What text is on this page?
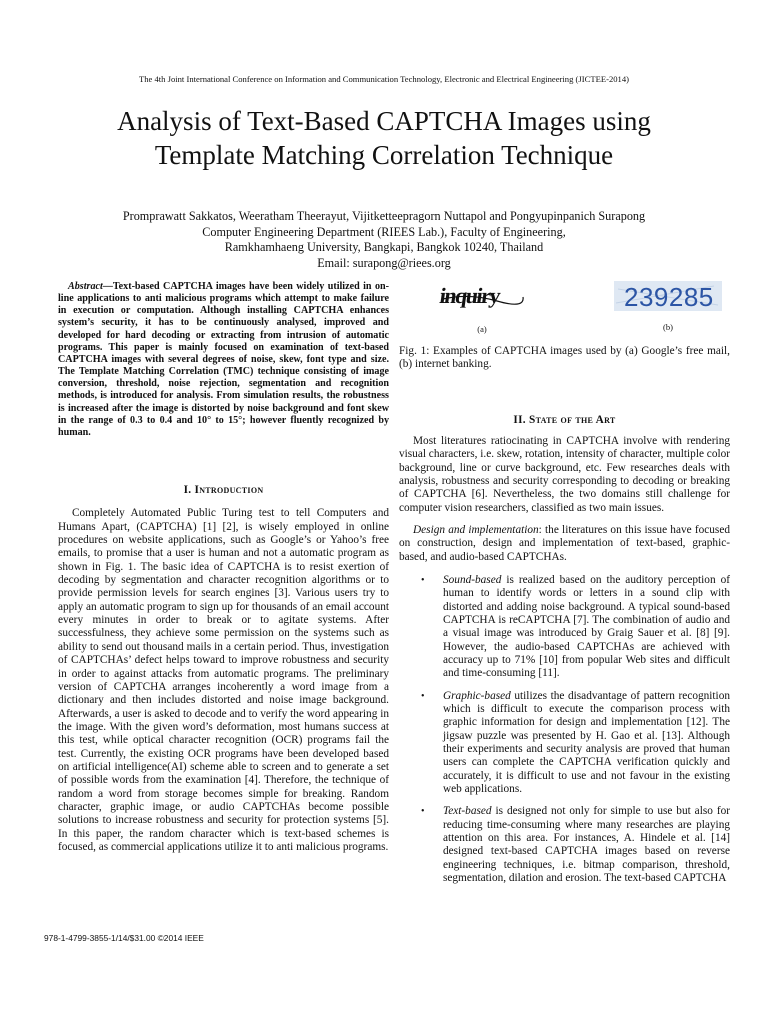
The 4th Joint International Conference on Information and Communication Technology, Electronic and Electrical Engineering (JICTEE-2014)
Analysis of Text-Based CAPTCHA Images using
Template Matching Correlation Technique
Promprawatt Sakkatos, Weeratham Theerayut, Vijitketteepragorn Nuttapol and Pongyupinpanich Surapong
Computer Engineering Department (RIEES Lab.), Faculty of Engineering,
Ramkhamhaeng University, Bangkapi, Bangkok 10240, Thailand
Email: surapong@riees.org

Abstract—Text-based CAPTCHA images have been widely utilized in on-line applications to anti malicious programs which attempt to make failure in execution or computation. Although installing CAPTCHA enhances system’s security, it has to be continuously analysed, improved and developed for hard decoding or extracting from intrusion of automatic programs. This paper is mainly focused on examination of text-based CAPTCHA images with several degrees of noise, skew, font type and size. The Template Matching Correlation (TMC) technique consisting of image conversion, threshold, noise rejection, segmentation and recognition methods, is introduced for analysis. From simulation results, the robustness is increased after the image is distorted by noise background and font skew in the range of 0.3 to 0.4 and 10° to 15°; however fluently recognized by human.

I. Introduction

Completely Automated Public Turing test to tell Computers and Humans Apart, (CAPTCHA) [1] [2], is wisely employed in online procedures on website applications, such as Google’s or Yahoo’s free emails, to promise that a user is human and not a automatic program as shown in Fig. 1. The basic idea of CAPTCHA is to resist exertion of decoding by segmentation and character recognition algorithms or to provide permission levels for search engines [3]. Various users try to apply an automatic program to sign up for thousands of an email account every minutes in order to break or to agitate systems. After successfulness, they achieve some permission on the systems such as ability to send out thousand mails in a certain period. Thus, investigation of CAPTCHAs’ defect helps toward to improve robustness and security in order to against attacks from automatic programs. The preliminary version of CAPTCHA arranges incoherently a word image from a dictionary and then includes distorted and noise image background. Afterwards, a user is asked to decode and to verify the word appearing in the image. With the given word’s deformation, most humans success at this test, while optical character recognition (OCR) programs fail the test. Currently, the existing OCR programs have been developed based on artificial intelligence(AI) scheme able to screen and to generate a set of possible words from the examination [4]. Therefore, the technique of random a word from storage becomes simple for breaking. Random character, graphic image, or audio CAPTCHAs become possible solutions to increase robustness and security for protection systems [5]. In this paper, the random character which is text-based schemes is focused, as commercial applications utilize it to anti malicious programs.

inquiry
(a)
239285
(b)

Fig. 1: Examples of CAPTCHA images used by (a) Google’s free mail, (b) internet banking.

II. State of the Art

Most literatures ratiocinating in CAPTCHA involve with rendering visual characters, i.e. skew, rotation, intensity of character, multiple color background, line or curve background, etc. Few researches deals with analysis, robustness and security corresponding to decoding or breaking of CAPTCHA [6]. Nevertheless, the two domains still challenge for computer vision researchers, classified as two main issues.

Design and implementation: the literatures on this issue have focused on construction, design and implementation of text-based, graphic-based, and audio-based CAPTCHAs.

• Sound-based is realized based on the auditory perception of human to identify words or letters in a sound clip with distorted and adding noise background. A typical sound-based CAPTCHA is reCAPTCHA [7]. The combination of audio and a visual image was introduced by Graig Sauer et al. [8] [9]. However, the audio-based CAPTCHAs are achieved with accuracy up to 71% [10] from popular Web sites and difficult and time-consuming [11].
• Graphic-based utilizes the disadvantage of pattern recognition which is difficult to execute the comparison process with graphic information for design and implementation [12]. The jigsaw puzzle was presented by H. Gao et al. [13]. Although their experiments and security analysis are proved that human users can complete the CAPTCHA verification quickly and accurately, it is difficult to use and not favour in the existing web applications.
• Text-based is designed not only for simple to use but also for reducing time-consuming where many researches are playing attention on this area. For instances, A. Hindele et al. [14] designed text-based CAPTCHA images based on reverse engineering techniques, i.e. bitmap comparison, threshold, segmentation, dilation and erosion. The text-based CAPTCHA
978-1-4799-3855-1/14/$31.00 ©2014 IEEE
